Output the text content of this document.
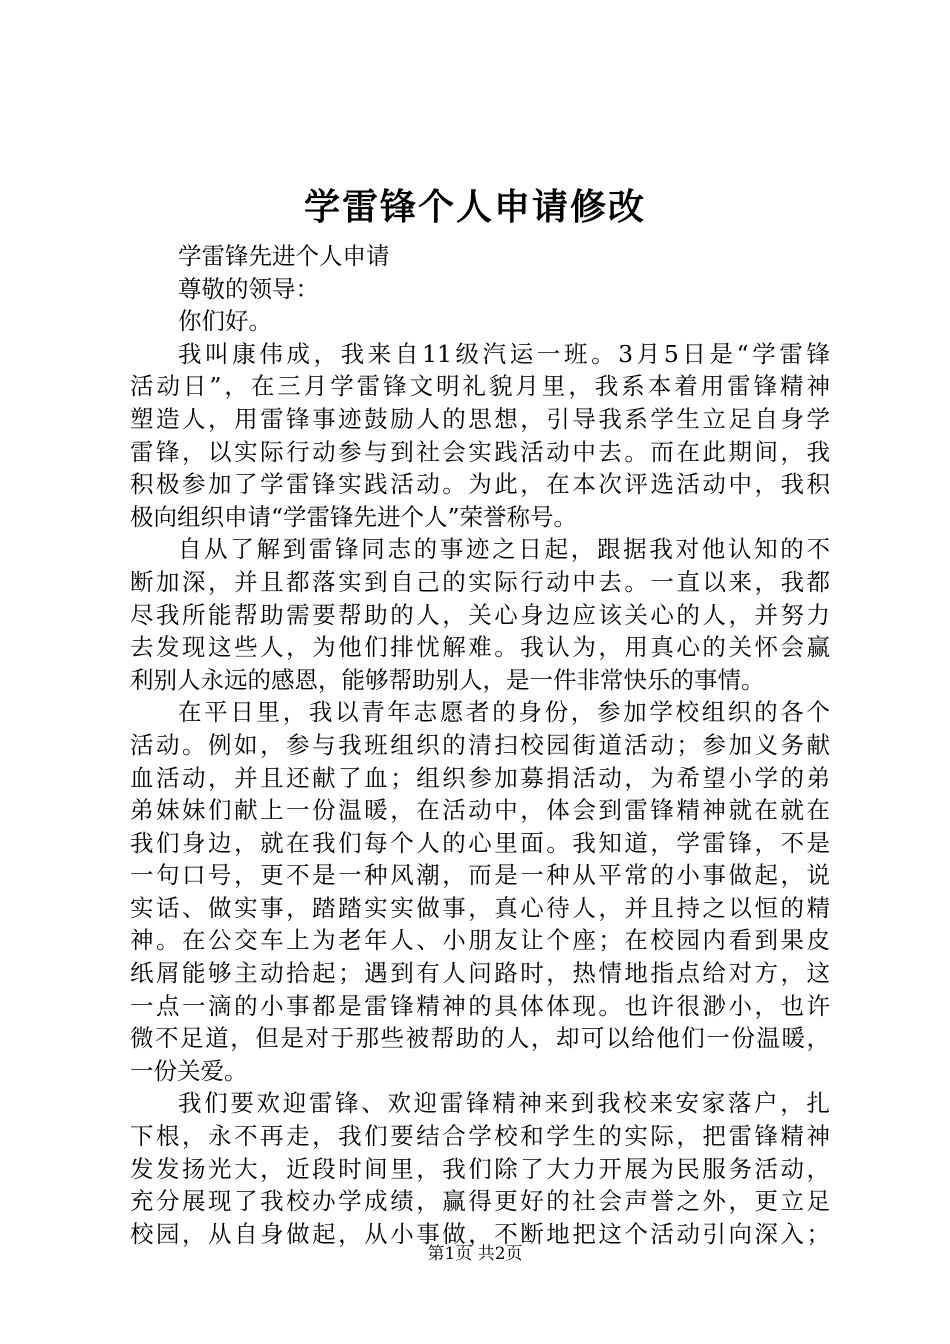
学雷锋个人申请修改
学雷锋先进个人申请
尊敬的领导：
你们好。
我叫康伟成，我来自11级汽运一班。3月5日是“学雷锋
活动日”，在三月学雷锋文明礼貌月里，我系本着用雷锋精神
塑造人，用雷锋事迹鼓励人的思想，引导我系学生立足自身学
雷锋，以实际行动参与到社会实践活动中去。而在此期间，我
积极参加了学雷锋实践活动。为此，在本次评选活动中，我积
极向组织申请“学雷锋先进个人”荣誉称号。
自从了解到雷锋同志的事迹之日起，跟据我对他认知的不
断加深，并且都落实到自己的实际行动中去。一直以来，我都
尽我所能帮助需要帮助的人，关心身边应该关心的人，并努力
去发现这些人，为他们排忧解难。我认为，用真心的关怀会赢
利别人永远的感恩，能够帮助别人，是一件非常快乐的事情。
在平日里，我以青年志愿者的身份，参加学校组织的各个
活动。例如，参与我班组织的清扫校园街道活动；参加义务献
血活动，并且还献了血；组织参加募捐活动，为希望小学的弟
弟妹妹们献上一份温暖，在活动中，体会到雷锋精神就在就在
我们身边，就在我们每个人的心里面。我知道，学雷锋，不是
一句口号，更不是一种风潮，而是一种从平常的小事做起，说
实话、做实事，踏踏实实做事，真心待人，并且持之以恒的精
神。在公交车上为老年人、小朋友让个座；在校园内看到果皮
纸屑能够主动拾起；遇到有人问路时，热情地指点给对方，这
一点一滴的小事都是雷锋精神的具体体现。也许很渺小，也许
微不足道，但是对于那些被帮助的人，却可以给他们一份温暖，
一份关爱。
我们要欢迎雷锋、欢迎雷锋精神来到我校来安家落户，扎
下根，永不再走，我们要结合学校和学生的实际，把雷锋精神
发发扬光大，近段时间里，我们除了大力开展为民服务活动，
充分展现了我校办学成绩，赢得更好的社会声誉之外，更立足
校园，从自身做起，从小事做，不断地把这个活动引向深入；
第1页 共2页
